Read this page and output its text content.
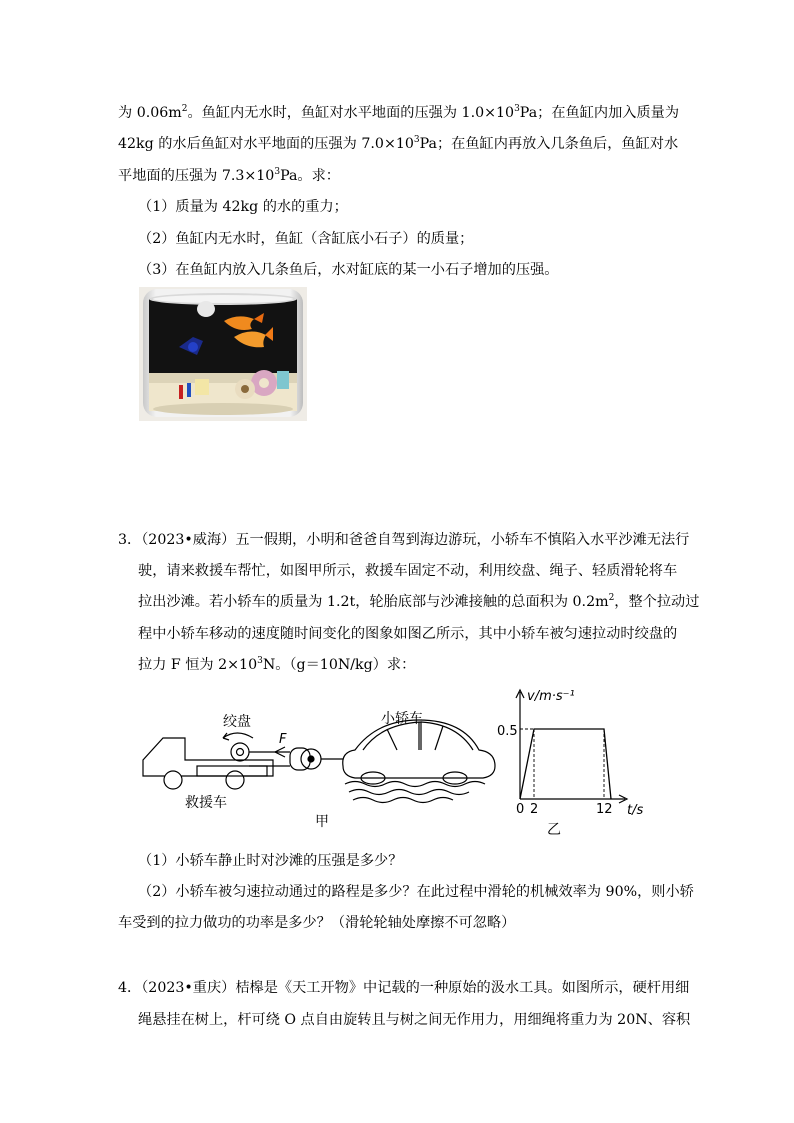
为 $0.06m^2$。鱼缸内无水时，鱼缸对水平地面的压强为 $1.0\times 10^3Pa$；在鱼缸内加入质量为
42kg 的水后鱼缸对水平地面的压强为 $7.0\times 10^3Pa$；在鱼缸内再放入几条鱼后，鱼缸对水
平地面的压强为 $7.3\times 10^3Pa$。求：
（1）质量为 42kg 的水的重力；
（2）鱼缸内无水时，鱼缸（含缸底小石子）的质量；
（3）在鱼缸内放入几条鱼后，水对缸底的某一小石子增加的压强。
3．（2023•威海）五一假期，小明和爸爸自驾到海边游玩，小轿车不慎陷入水平沙滩无法行
驶，请来救援车帮忙，如图甲所示，救援车固定不动，利用绞盘、绳子、轻质滑轮将车
拉出沙滩。若小轿车的质量为 1.2t，轮胎底部与沙滩接触的总面积为 $0.2m^2$，整个拉动过
程中小轿车移动的速度随时间变化的图象如图乙所示，其中小轿车被匀速拉动时绞盘的
拉力 F 恒为 $2\times 10^3N$。（g＝10N/kg）求：
绞盘	小轿车
F
救援车
甲
v/m·s⁻¹
t/s
0.5
0 2	12
乙
（1）小轿车静止时对沙滩的压强是多少？
（2）小轿车被匀速拉动通过的路程是多少？在此过程中滑轮的机械效率为 90%，则小轿
车受到的拉力做功的功率是多少？（滑轮轮轴处摩擦不可忽略）
4．（2023•重庆）桔槔是《天工开物》中记载的一种原始的汲水工具。如图所示，硬杆用细
绳悬挂在树上，杆可绕 O 点自由旋转且与树之间无作用力，用细绳将重力为 20N、容积
